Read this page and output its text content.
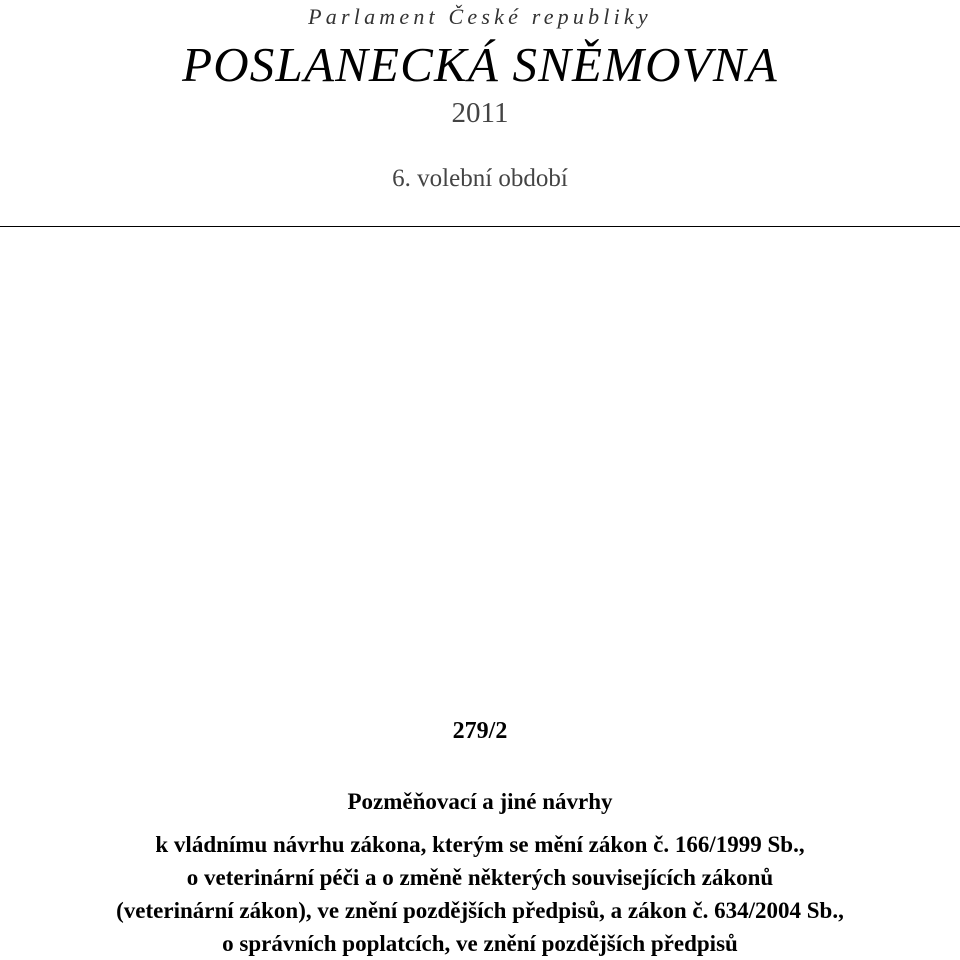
Parlament České republiky
POSLANECKÁ SNĚMOVNA
2011
6. volební období
279/2
Pozměňovací a jiné návrhy
k vládnímu návrhu zákona, kterým se mění zákon č. 166/1999 Sb.,
o veterinární péči a o změně některých souvisejících zákonů
(veterinární zákon), ve znění pozdějších předpisů, a zákon č. 634/2004 Sb.,
o správních poplatcích, ve znění pozdějších předpisů
